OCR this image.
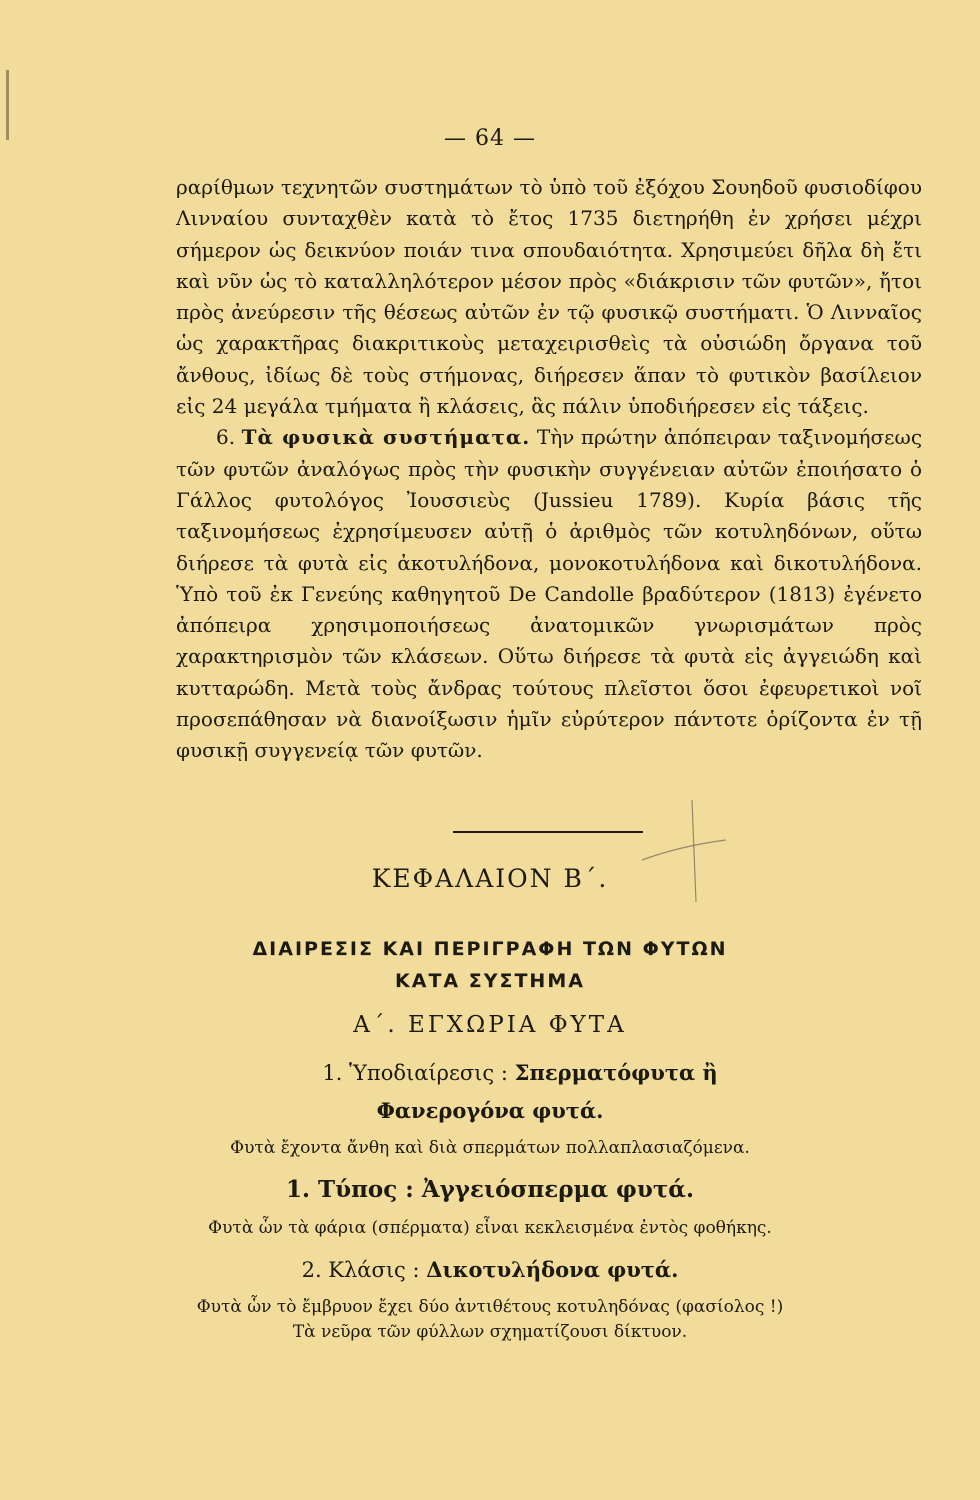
— 64 —

ραρίθμων τεχνητῶν συστημάτων τὸ ὑπὸ τοῦ ἐξόχου Σουηδοῦ φυσιοδίφου Λινναίου συνταχθὲν κατὰ τὸ ἔτος 1735 διετηρήθη ἐν χρήσει μέχρι σήμερον ὡς δεικνύον ποιάν τινα σπουδαιότητα. Χρησιμεύει δῆλα δὴ ἔτι καὶ νῦν ὡς τὸ καταλληλότερον μέσον πρὸς «διάκρισιν τῶν φυτῶν», ἤτοι πρὸς ἀνεύρεσιν τῆς θέσεως αὐτῶν ἐν τῷ φυσικῷ συστήματι. Ὁ Λινναῖος ὡς χαρακτῆρας διακριτικοὺς μεταχειρισθεὶς τὰ οὐσιώδη ὄργανα τοῦ ἄνθους, ἰδίως δὲ τοὺς στήμονας, διήρεσεν ἅπαν τὸ φυτικὸν βασίλειον εἰς 24 μεγάλα τμήματα ἢ κλάσεις, ἃς πάλιν ὑποδιήρεσεν εἰς τάξεις.

6. Τὰ φυσικὰ συστήματα. Τὴν πρώτην ἀπόπειραν ταξινομήσεως τῶν φυτῶν ἀναλόγως πρὸς τὴν φυσικὴν συγγένειαν αὐτῶν ἐποιήσατο ὁ Γάλλος φυτολόγος Ἰουσσιεὺς (Jussieu 1789). Κυρία βάσις τῆς ταξινομήσεως ἐχρησίμευσεν αὐτῇ ὁ ἀριθμὸς τῶν κοτυληδόνων, οὕτω διήρεσε τὰ φυτὰ εἰς ἀκοτυλήδονα, μονοκοτυλήδονα καὶ δικοτυλήδονα. Ὑπὸ τοῦ ἐκ Γενεύης καθηγητοῦ De Candolle βραδύτερον (1813) ἐγένετο ἀπόπειρα χρησιμοποιήσεως ἀνατομικῶν γνωρισμάτων πρὸς χαρακτηρισμὸν τῶν κλάσεων. Οὕτω διήρεσε τὰ φυτὰ εἰς ἀγγειώδη καὶ κυτταρώδη. Μετὰ τοὺς ἄνδρας τούτους πλεῖστοι ὅσοι ἐφευρετικοὶ νοῖ προσεπάθησαν νὰ διανοίξωσιν ἡμῖν εὐρύτερον πάντοτε ὁρίζοντα ἐν τῇ φυσικῇ συγγενείᾳ τῶν φυτῶν.

ΚΕΦΑΛΑΙΟΝ Β΄.
ΔΙΑΙΡΕΣΙΣ ΚΑΙ ΠΕΡΙΓΡΑΦΗ ΤΩΝ ΦΥΤΩΝ
ΚΑΤΑ ΣΥΣΤΗΜΑ
Α΄. ΕΓΧΩΡΙΑ ΦΥΤΑ
1. Ὑποδιαίρεσις : Σπερματόφυτα ἢ
Φανερογόνα φυτά.
Φυτὰ ἔχοντα ἄνθη καὶ διὰ σπερμάτων πολλαπλασιαζόμενα.
1. Τύπος : Ἀγγειόσπερμα φυτά.
Φυτὰ ὧν τὰ φάρια (σπέρματα) εἶναι κεκλεισμένα ἐντὸς φοθήκης.
2. Κλάσις : Δικοτυλήδονα φυτά.
Φυτὰ ὧν τὸ ἔμβρυον ἔχει δύο ἀντιθέτους κοτυληδόνας (φασίολος !)
Τὰ νεῦρα τῶν φύλλων σχηματίζουσι δίκτυον.
